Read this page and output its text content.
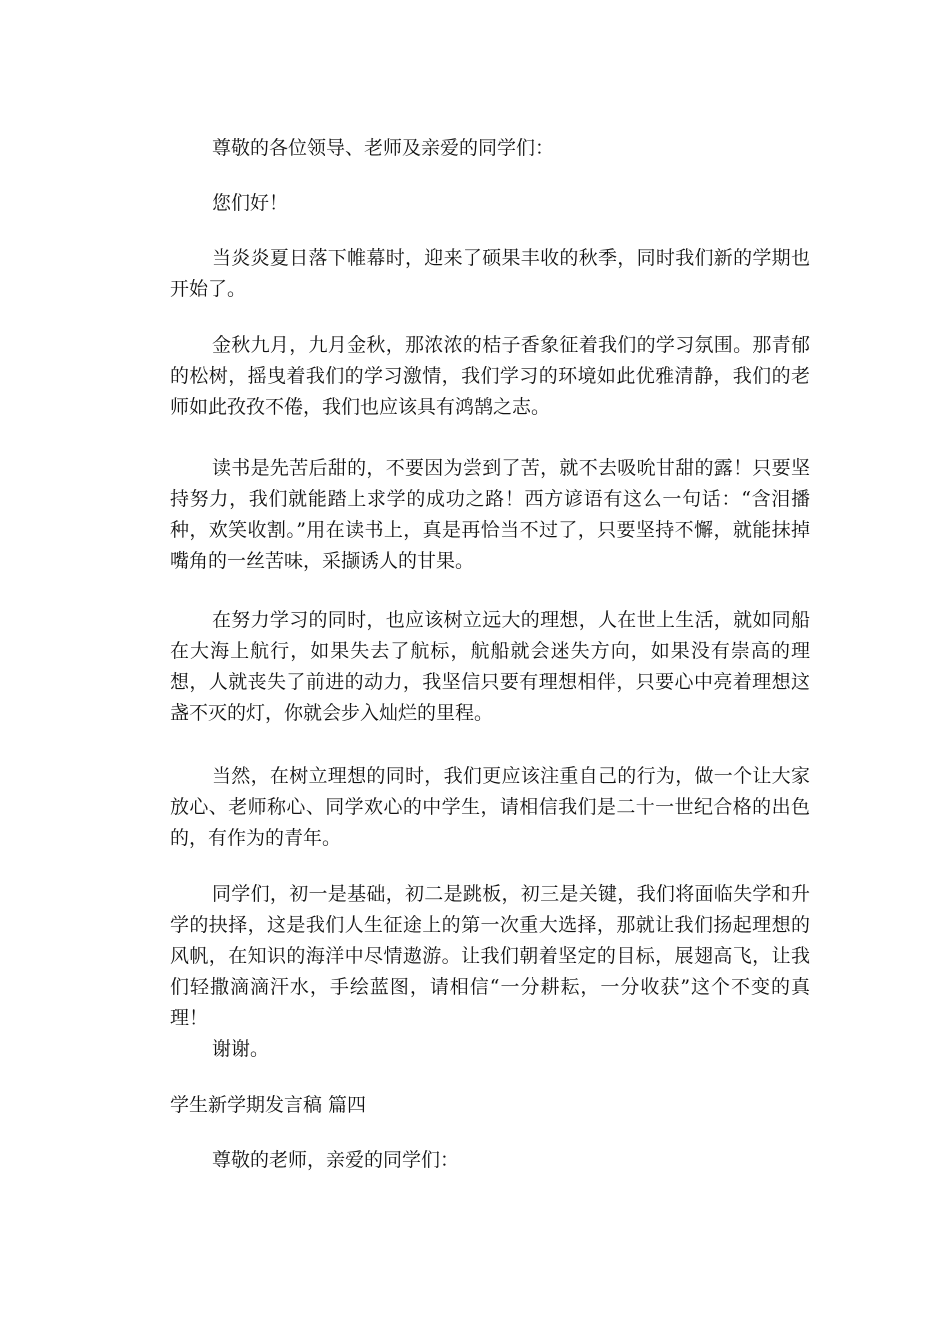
尊敬的各位领导、老师及亲爱的同学们：

您们好！

当炎炎夏日落下帷幕时，迎来了硕果丰收的秋季，同时我们新的学期也开始了。

金秋九月，九月金秋，那浓浓的桔子香象征着我们的学习氛围。那青郁的松树，摇曳着我们的学习激情，我们学习的环境如此优雅清静，我们的老师如此孜孜不倦，我们也应该具有鸿鹄之志。

读书是先苦后甜的，不要因为尝到了苦，就不去吸吮甘甜的露！只要坚持努力，我们就能踏上求学的成功之路！西方谚语有这么一句话：“含泪播种，欢笑收割。”用在读书上，真是再恰当不过了，只要坚持不懈，就能抹掉嘴角的一丝苦味，采撷诱人的甘果。

在努力学习的同时，也应该树立远大的理想，人在世上生活，就如同船在大海上航行，如果失去了航标，航船就会迷失方向，如果没有崇高的理想，人就丧失了前进的动力，我坚信只要有理想相伴，只要心中亮着理想这盏不灭的灯，你就会步入灿烂的里程。

当然，在树立理想的同时，我们更应该注重自己的行为，做一个让大家放心、老师称心、同学欢心的中学生，请相信我们是二十一世纪合格的出色的，有作为的青年。

同学们，初一是基础，初二是跳板，初三是关键，我们将面临失学和升学的抉择，这是我们人生征途上的第一次重大选择，那就让我们扬起理想的风帆，在知识的海洋中尽情遨游。让我们朝着坚定的目标，展翅高飞，让我们轻撒滴滴汗水，手绘蓝图，请相信“一分耕耘，一分收获”这个不变的真理！

谢谢。

学生新学期发言稿 篇四

尊敬的老师，亲爱的同学们：
